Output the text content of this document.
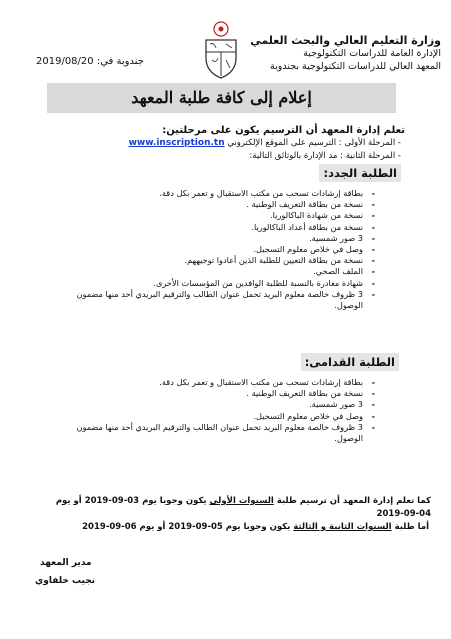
وزارة التعليم العالي والبحث العلمي
الإدارة العامة للدراسات التكنولوجية
المعهد العالي للدراسات التكنولوجية بجندوبة
جندوبة في: 2019/08/20
إعلام إلى كافة طلبة المعهد
تعلم إدارة المعهد أن الترسيم يكون على مرحلتين:
- المرحلة الأولى : الترسيم على الموقع الإلكتروني www.inscription.tn
- المرحلة الثانية : مد الإدارة بالوثائق التالية:
الطلبة الجدد:
- بطاقة إرشادات تسحب من مكتب الاستقبال و تعمر بكل دقة.
- نسخة من بطاقة التعريف الوطنية .
- نسخة من شهادة الباكالوريا.
- نسخة من بطاقة أعداد الباكالوريا.
- 3 صور شمسية.
- وصل في خلاص معلوم التسجيل.
- نسخة من بطاقة التعيين للطلبة الذين أعادوا توجيههم.
- الملف الصحي.
- شهادة مغادرة بالنسبة للطلبة الوافدين من المؤسسات الأخرى.
- 3 ظروف خالصة معلوم البريد تحمل عنوان الطالب والترقيم البريدي أحد منها مضمون الوصول.
الطلبة القدامى:
- بطاقة إرشادات تسحب من مكتب الاستقبال و تعمر بكل دقة.
- نسخة من بطاقة التعريف الوطنية .
- 3 صور شمسية.
- وصل في خلاص معلوم التسجيل.
- 3 ظروف خالصة معلوم البريد تحمل عنوان الطالب والترقيم البريدي أحد منها مضمون الوصول.
كما تعلم إدارة المعهد أن ترسيم طلبة السنوات الأولى يكون وجوبا يوم 03-09-2019 أو يوم 04-09-2019
أما طلبة السنوات الثانية و الثالثة يكون وجوبا يوم 05-09-2019 أو يوم 06-09-2019
مدير المعهد
نجيب خلفاوي
